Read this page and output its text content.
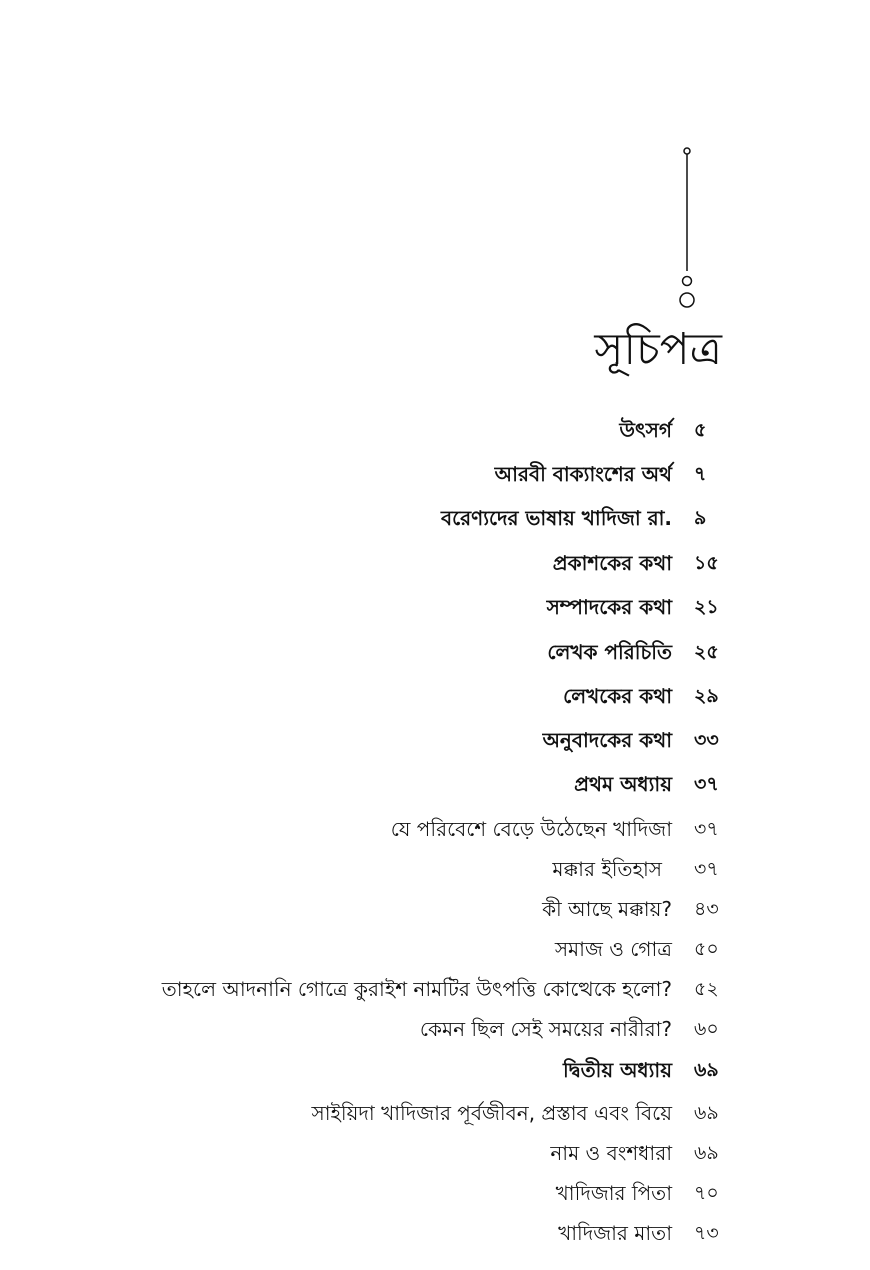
সূচিপত্র
উৎসর্গ ৫
আরবী বাক্যাংশের অর্থ ৭
বরেণ্যদের ভাষায় খাদিজা রা. ৯
প্রকাশকের কথা ১৫
সম্পাদকের কথা ২১
লেখক পরিচিতি ২৫
লেখকের কথা ২৯
অনুবাদকের কথা ৩৩
প্রথম অধ্যায় ৩৭
যে পরিবেশে বেড়ে উঠেছেন খাদিজা ৩৭
মক্কার ইতিহাস ৩৭
কী আছে মক্কায়? ৪৩
সমাজ ও গোত্র ৫০
তাহলে আদনানি গোত্রে কুরাইশ নামটির উৎপত্তি কোত্থেকে হলো? ৫২
কেমন ছিল সেই সময়ের নারীরা? ৬০
দ্বিতীয় অধ্যায় ৬৯
সাইয়িদা খাদিজার পূর্বজীবন, প্রস্তাব এবং বিয়ে ৬৯
নাম ও বংশধারা ৬৯
খাদিজার পিতা ৭০
খাদিজার মাতা ৭৩
